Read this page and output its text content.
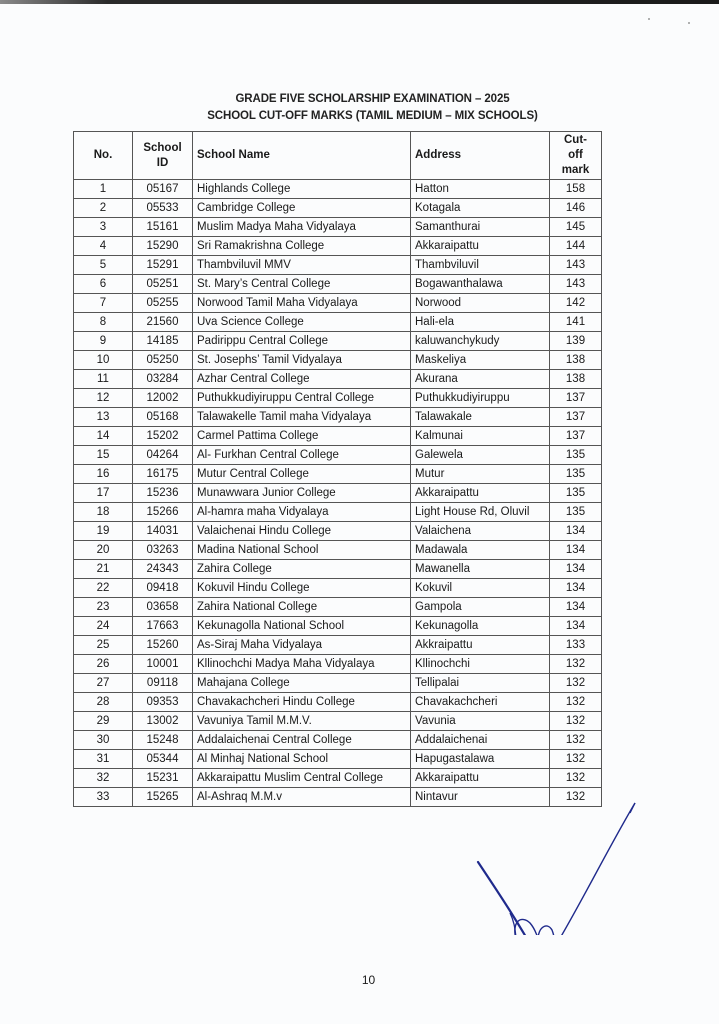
GRADE FIVE SCHOLARSHIP EXAMINATION – 2025
SCHOOL CUT-OFF MARKS (TAMIL MEDIUM – MIX SCHOOLS)
No.	School ID	School Name	Address	Cut-off mark
1	05167	Highlands College	Hatton	158
2	05533	Cambridge College	Kotagala	146
3	15161	Muslim Madya Maha Vidyalaya	Samanthurai	145
4	15290	Sri Ramakrishna College	Akkaraipattu	144
5	15291	Thambviluvil MMV	Thambviluvil	143
6	05251	St. Mary’s Central College	Bogawanthalawa	143
7	05255	Norwood Tamil Maha Vidyalaya	Norwood	142
8	21560	Uva Science College	Hali-ela	141
9	14185	Padirippu Central College	kaluwanchykudy	139
10	05250	St. Josephs’ Tamil Vidyalaya	Maskeliya	138
11	03284	Azhar Central College	Akurana	138
12	12002	Puthukkudiyiruppu Central College	Puthukkudiyiruppu	137
13	05168	Talawakelle Tamil maha Vidyalaya	Talawakale	137
14	15202	Carmel Pattima College	Kalmunai	137
15	04264	Al- Furkhan Central College	Galewela	135
16	16175	Mutur Central College	Mutur	135
17	15236	Munawwara Junior College	Akkaraipattu	135
18	15266	Al-hamra maha Vidyalaya	Light House Rd, Oluvil	135
19	14031	Valaichenai Hindu College	Valaichena	134
20	03263	Madina National School	Madawala	134
21	24343	Zahira College	Mawanella	134
22	09418	Kokuvil Hindu College	Kokuvil	134
23	03658	Zahira National College	Gampola	134
24	17663	Kekunagolla National School	Kekunagolla	134
25	15260	As-Siraj Maha Vidyalaya	Akkraipattu	133
26	10001	Kllinochchi Madya Maha Vidyalaya	Kllinochchi	132
27	09118	Mahajana College	Tellipalai	132
28	09353	Chavakachcheri Hindu College	Chavakachcheri	132
29	13002	Vavuniya Tamil M.M.V.	Vavunia	132
30	15248	Addalaichenai Central College	Addalaichenai	132
31	05344	Al Minhaj National School	Hapugastalawa	132
32	15231	Akkaraipattu Muslim Central College	Akkaraipattu	132
33	15265	Al-Ashraq M.M.v	Nintavur	132
10
